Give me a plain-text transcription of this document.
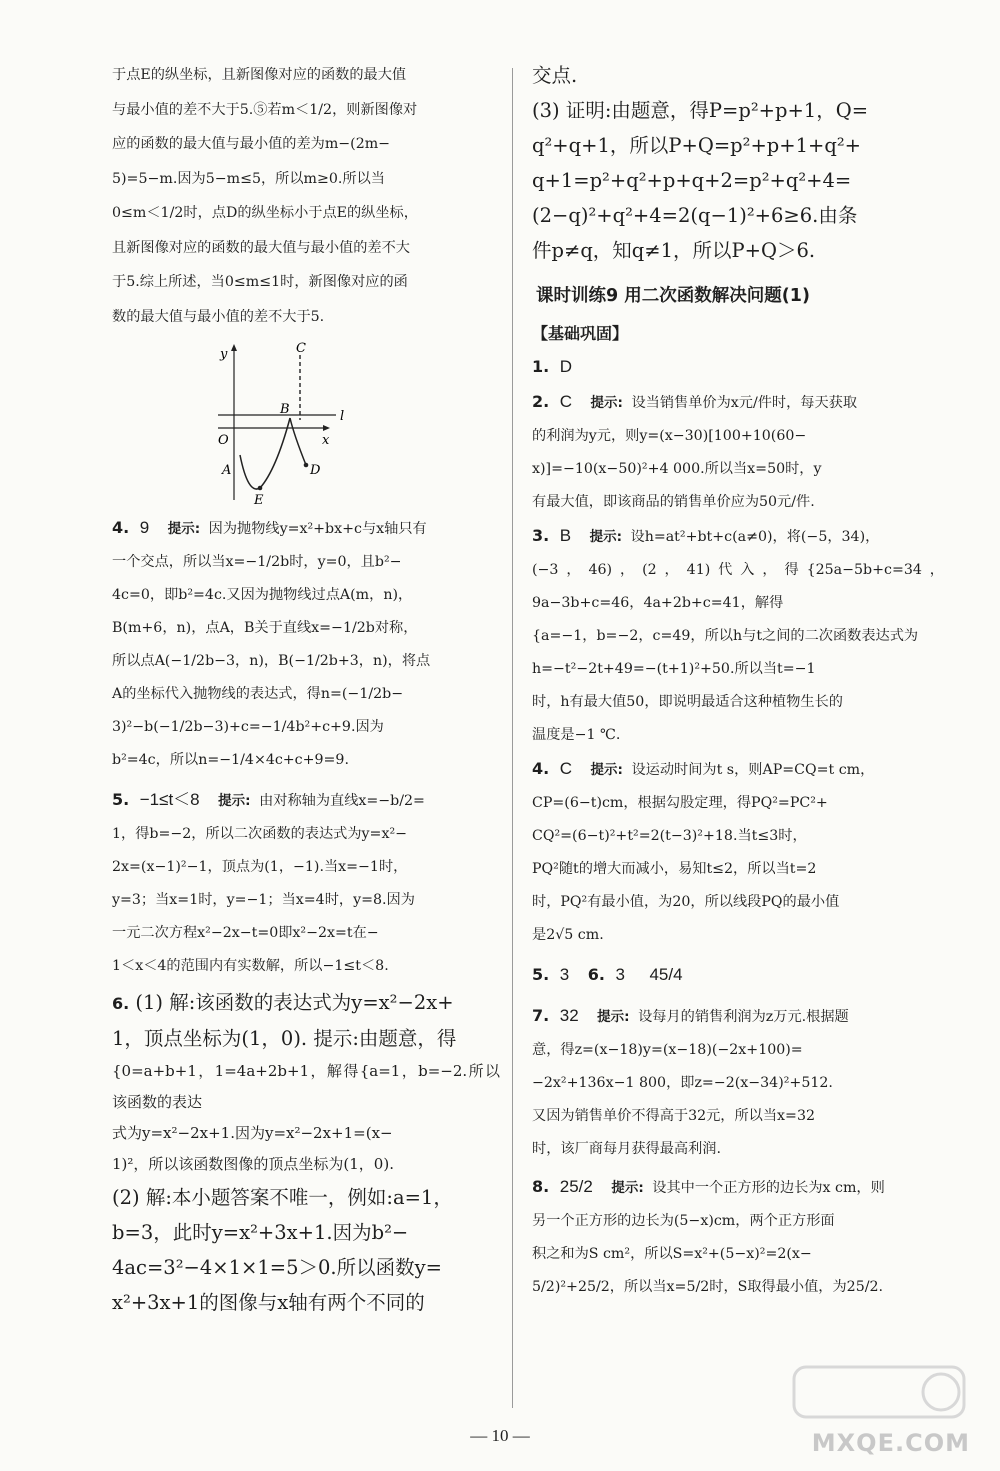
于点E的纵坐标，且新图像对应的函数的最大值

与最小值的差不大于5.⑤若m＜1/2，则新图像对

应的函数的最大值与最小值的差为m−(2m−

5)=5−m.因为5−m≤5，所以m≥0.所以当

0≤m＜1/2时，点D的纵坐标小于点E的纵坐标，

且新图像对应的函数的最大值与最小值的差不大

于5.综上所述，当0≤m≤1时，新图像对应的函

数的最大值与最小值的差不大于5.

y
x
O
A
B
C
D
E
l

4. 9 提示: 因为抛物线y=x²+bx+c与x轴只有

一个交点，所以当x=−1/2b时，y=0，且b²−

4c=0，即b²=4c.又因为抛物线过点A(m，n)，

B(m+6，n)，点A，B关于直线x=−1/2b对称，

所以点A(−1/2b−3，n)，B(−1/2b+3，n)，将点

A的坐标代入抛物线的表达式，得n=(−1/2b−

3)²−b(−1/2b−3)+c=−1/4b²+c+9.因为

b²=4c，所以n=−1/4×4c+c+9=9.

5. −1≤t＜8 提示: 由对称轴为直线x=−b/2=

1，得b=−2，所以二次函数的表达式为y=x²−

2x=(x−1)²−1，顶点为(1，−1).当x=−1时，

y=3；当x=1时，y=−1；当x=4时，y=8.因为

一元二次方程x²−2x−t=0即x²−2x=t在−

1＜x＜4的范围内有实数解，所以−1≤t＜8.

6. (1) 解:该函数的表达式为y=x²−2x+

1，顶点坐标为(1，0). 提示:由题意，得

{0=a+b+1，1=4a+2b+1，解得{a=1，b=−2.所以该函数的表达

式为y=x²−2x+1.因为y=x²−2x+1=(x−

1)²，所以该函数图像的顶点坐标为(1，0).

(2) 解:本小题答案不唯一，例如:a=1，

b=3，此时y=x²+3x+1.因为b²−

4ac=3²−4×1×1=5＞0.所以函数y=

x²+3x+1的图像与x轴有两个不同的

交点.

(3) 证明:由题意，得P=p²+p+1，Q=

q²+q+1，所以P+Q=p²+p+1+q²+

q+1=p²+q²+p+q+2=p²+q²+4=

(2−q)²+q²+4=2(q−1)²+6≥6.由条

件p≠q，知q≠1，所以P+Q＞6.

课时训练9 用二次函数解决问题(1)
【基础巩固】

1. D

2. C 提示: 设当销售单价为x元/件时，每天获取

的利润为y元，则y=(x−30)[100+10(60−

x)]=−10(x−50)²+4 000.所以当x=50时，y

有最大值，即该商品的销售单价应为50元/件.

3. B 提示: 设h=at²+bt+c(a≠0)，将(−5，34)，

(−3，46)，(2，41)代入，得{25a−5b+c=34，9a−3b+c=46，4a+2b+c=41，解得

{a=−1，b=−2，c=49，所以h与t之间的二次函数表达式为

h=−t²−2t+49=−(t+1)²+50.所以当t=−1

时，h有最大值50，即说明最适合这种植物生长的

温度是−1 ℃.

4. C 提示: 设运动时间为t s，则AP=CQ=t cm，

CP=(6−t)cm，根据勾股定理，得PQ²=PC²+

CQ²=(6−t)²+t²=2(t−3)²+18.当t≤3时，

PQ²随t的增大而减小，易知t≤2，所以当t=2

时，PQ²有最小值，为20，所以线段PQ的最小值

是2√5 cm.

5. 3 6. 3 45/4

7. 32 提示: 设每月的销售利润为z万元.根据题

意，得z=(x−18)y=(x−18)(−2x+100)=

−2x²+136x−1 800，即z=−2(x−34)²+512.

又因为销售单价不得高于32元，所以当x=32

时，该厂商每月获得最高利润.

8. 25/2 提示: 设其中一个正方形的边长为x cm，则

另一个正方形的边长为(5−x)cm，两个正方形面

积之和为S cm²，所以S=x²+(5−x)²=2(x−

5/2)²+25/2，所以当x=5/2时，S取得最小值，为25/2.

— 10 —	MXQE.COM
